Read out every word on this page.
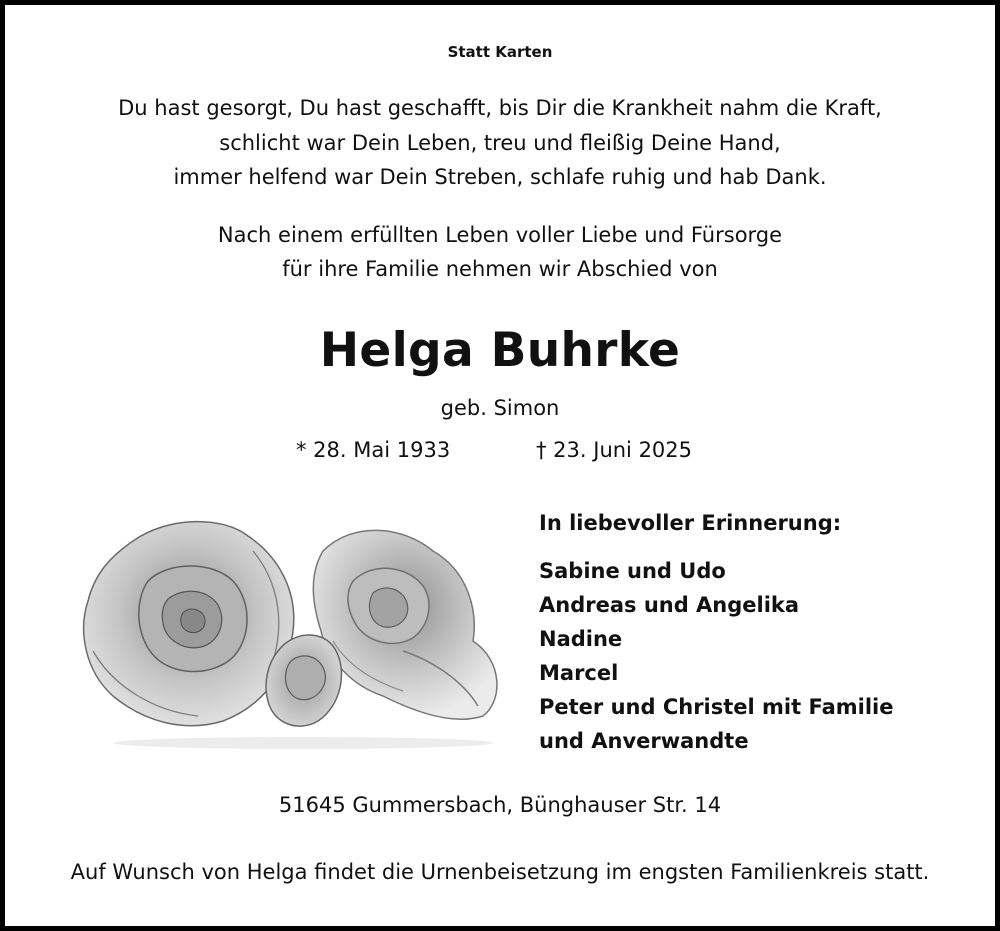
Statt Karten
Du hast gesorgt, Du hast geschafft, bis Dir die Krankheit nahm die Kraft,
schlicht war Dein Leben, treu und fleißig Deine Hand,
immer helfend war Dein Streben, schlafe ruhig und hab Dank.
Nach einem erfüllten Leben voller Liebe und Fürsorge
für ihre Familie nehmen wir Abschied von
Helga Buhrke
geb. Simon
* 28. Mai 1933	† 23. Juni 2025
In liebevoller Erinnerung:
Sabine und Udo
Andreas und Angelika
Nadine
Marcel
Peter und Christel mit Familie
und Anverwandte
51645 Gummersbach, Bünghauser Str. 14
Auf Wunsch von Helga findet die Urnenbeisetzung im engsten Familienkreis statt.
